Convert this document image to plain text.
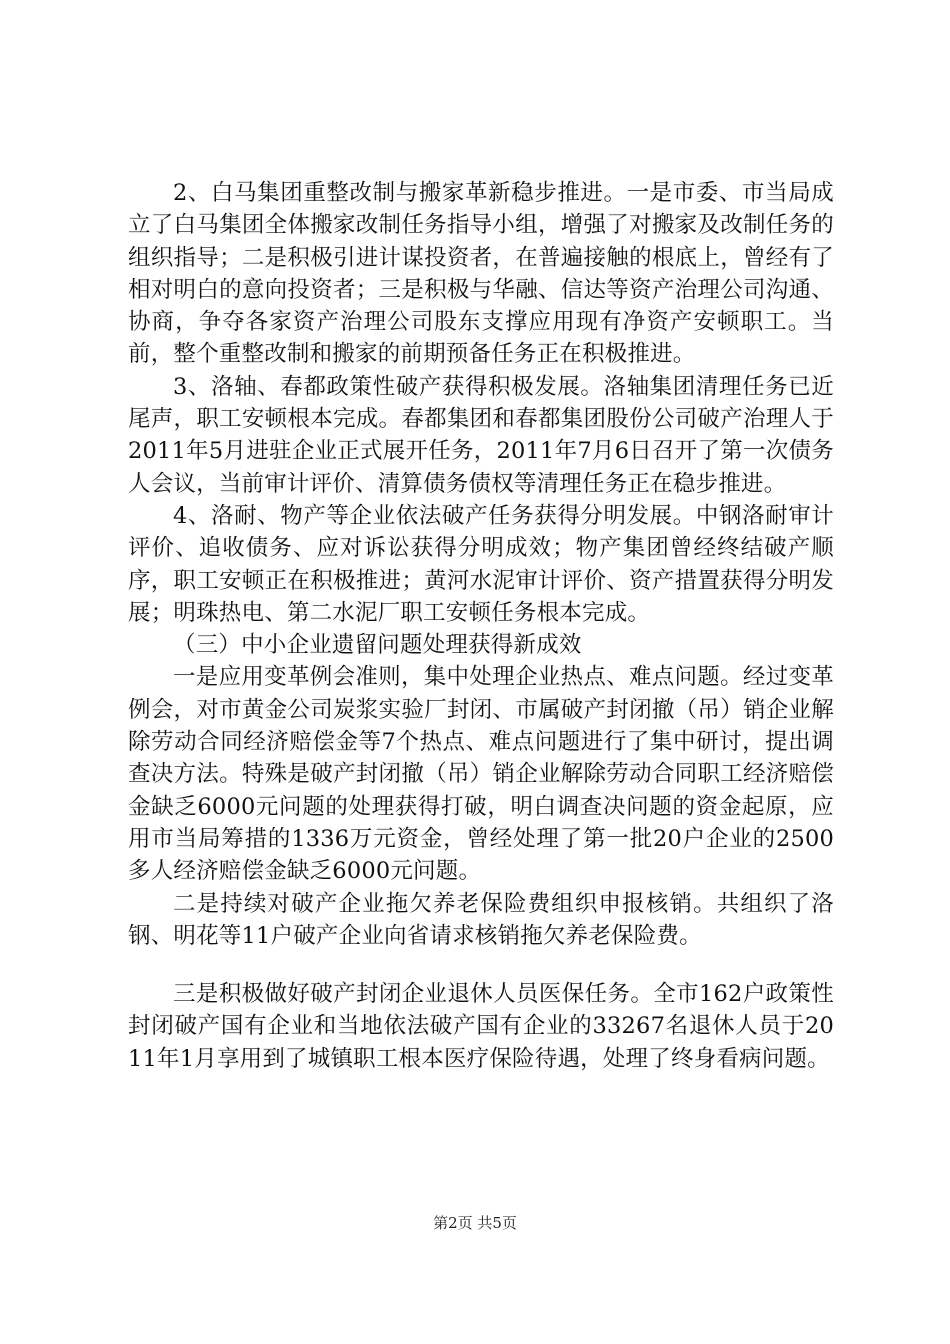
2、白马集团重整改制与搬家革新稳步推进。一是市委、市当局成立了白马集团全体搬家改制任务指导小组，增强了对搬家及改制任务的组织指导；二是积极引进计谋投资者，在普遍接触的根底上，曾经有了相对明白的意向投资者；三是积极与华融、信达等资产治理公司沟通、协商，争夺各家资产治理公司股东支撑应用现有净资产安顿职工。当前，整个重整改制和搬家的前期预备任务正在积极推进。

3、洛轴、春都政策性破产获得积极发展。洛轴集团清理任务已近尾声，职工安顿根本完成。春都集团和春都集团股份公司破产治理人于2011年5月进驻企业正式展开任务，2011年7月6日召开了第一次债务人会议，当前审计评价、清算债务债权等清理任务正在稳步推进。

4、洛耐、物产等企业依法破产任务获得分明发展。中钢洛耐审计评价、追收债务、应对诉讼获得分明成效；物产集团曾经终结破产顺序，职工安顿正在积极推进；黄河水泥审计评价、资产措置获得分明发展；明珠热电、第二水泥厂职工安顿任务根本完成。

（三）中小企业遗留问题处理获得新成效

一是应用变革例会准则，集中处理企业热点、难点问题。经过变革例会，对市黄金公司炭浆实验厂封闭、市属破产封闭撤（吊）销企业解除劳动合同经济赔偿金等7个热点、难点问题进行了集中研讨，提出调查决方法。特殊是破产封闭撤（吊）销企业解除劳动合同职工经济赔偿金缺乏6000元问题的处理获得打破，明白调查决问题的资金起原，应用市当局筹措的1336万元资金，曾经处理了第一批20户企业的2500多人经济赔偿金缺乏6000元问题。

二是持续对破产企业拖欠养老保险费组织申报核销。共组织了洛钢、明花等11户破产企业向省请求核销拖欠养老保险费。

三是积极做好破产封闭企业退休人员医保任务。全市162户政策性封闭破产国有企业和当地依法破产国有企业的33267名退休人员于2011年1月享用到了城镇职工根本医疗保险待遇，处理了终身看病问题。

第2页 共5页
